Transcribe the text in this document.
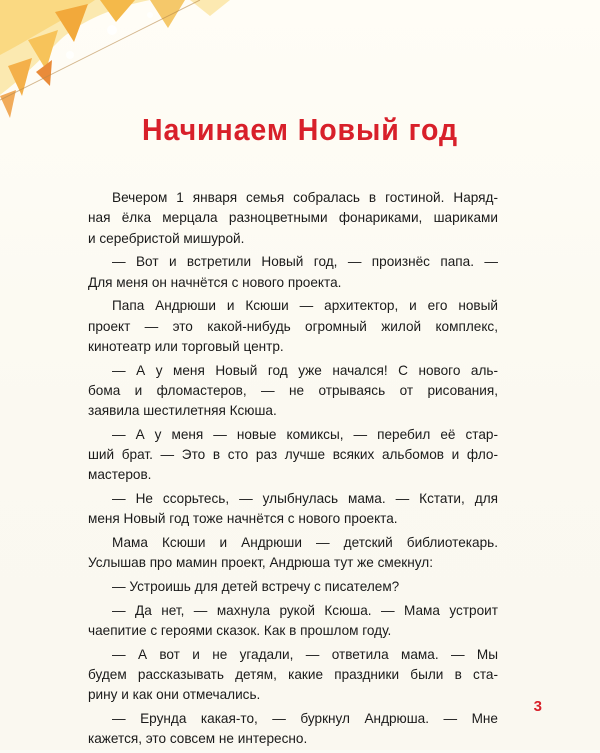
Начинаем Новый год
Вечером 1 января семья собралась в гостиной. Наряд-
ная ёлка мерцала разноцветными фонариками, шариками
и серебристой мишурой.
— Вот и встретили Новый год, — произнёс папа. —
Для меня он начнётся с нового проекта.
Папа Андрюши и Ксюши — архитектор, и его новый
проект — это какой-нибудь огромный жилой комплекс,
кинотеатр или торговый центр.
— А у меня Новый год уже начался! С нового аль-
бома и фломастеров, — не отрываясь от рисования,
заявила шестилетняя Ксюша.
— А у меня — новые комиксы, — перебил её стар-
ший брат. — Это в сто раз лучше всяких альбомов и фло-
мастеров.
— Не ссорьтесь, — улыбнулась мама. — Кстати, для
меня Новый год тоже начнётся с нового проекта.
Мама Ксюши и Андрюши — детский библиотекарь.
Услышав про мамин проект, Андрюша тут же смекнул:
— Устроишь для детей встречу с писателем?
— Да нет, — махнула рукой Ксюша. — Мама устроит
чаепитие с героями сказок. Как в прошлом году.
— А вот и не угадали, — ответила мама. — Мы
будем рассказывать детям, какие праздники были в ста-
рину и как они отмечались.
— Ерунда какая-то, — буркнул Андрюша. — Мне
кажется, это совсем не интересно.
3
